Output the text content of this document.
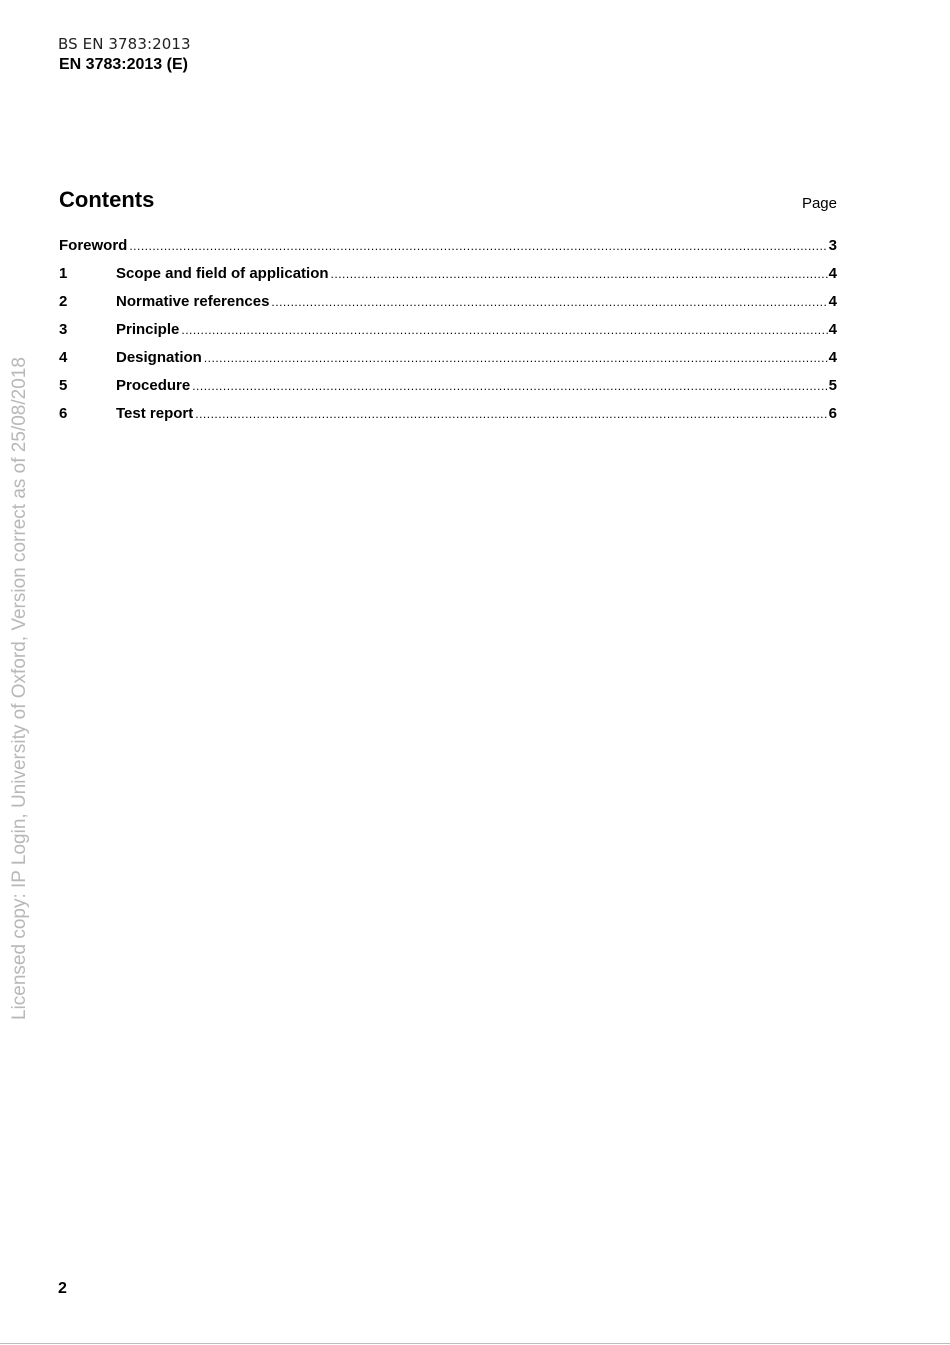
BS EN 3783:2013
EN 3783:2013 (E)
Contents	Page
Foreword .....	3
1	Scope and field of application .....	4
2	Normative references .....	4
3	Principle .....	4
4	Designation .....	4
5	Procedure .....	5
6	Test report .....	6
Licensed copy: IP Login, University of Oxford, Version correct as of 25/08/2018
2
